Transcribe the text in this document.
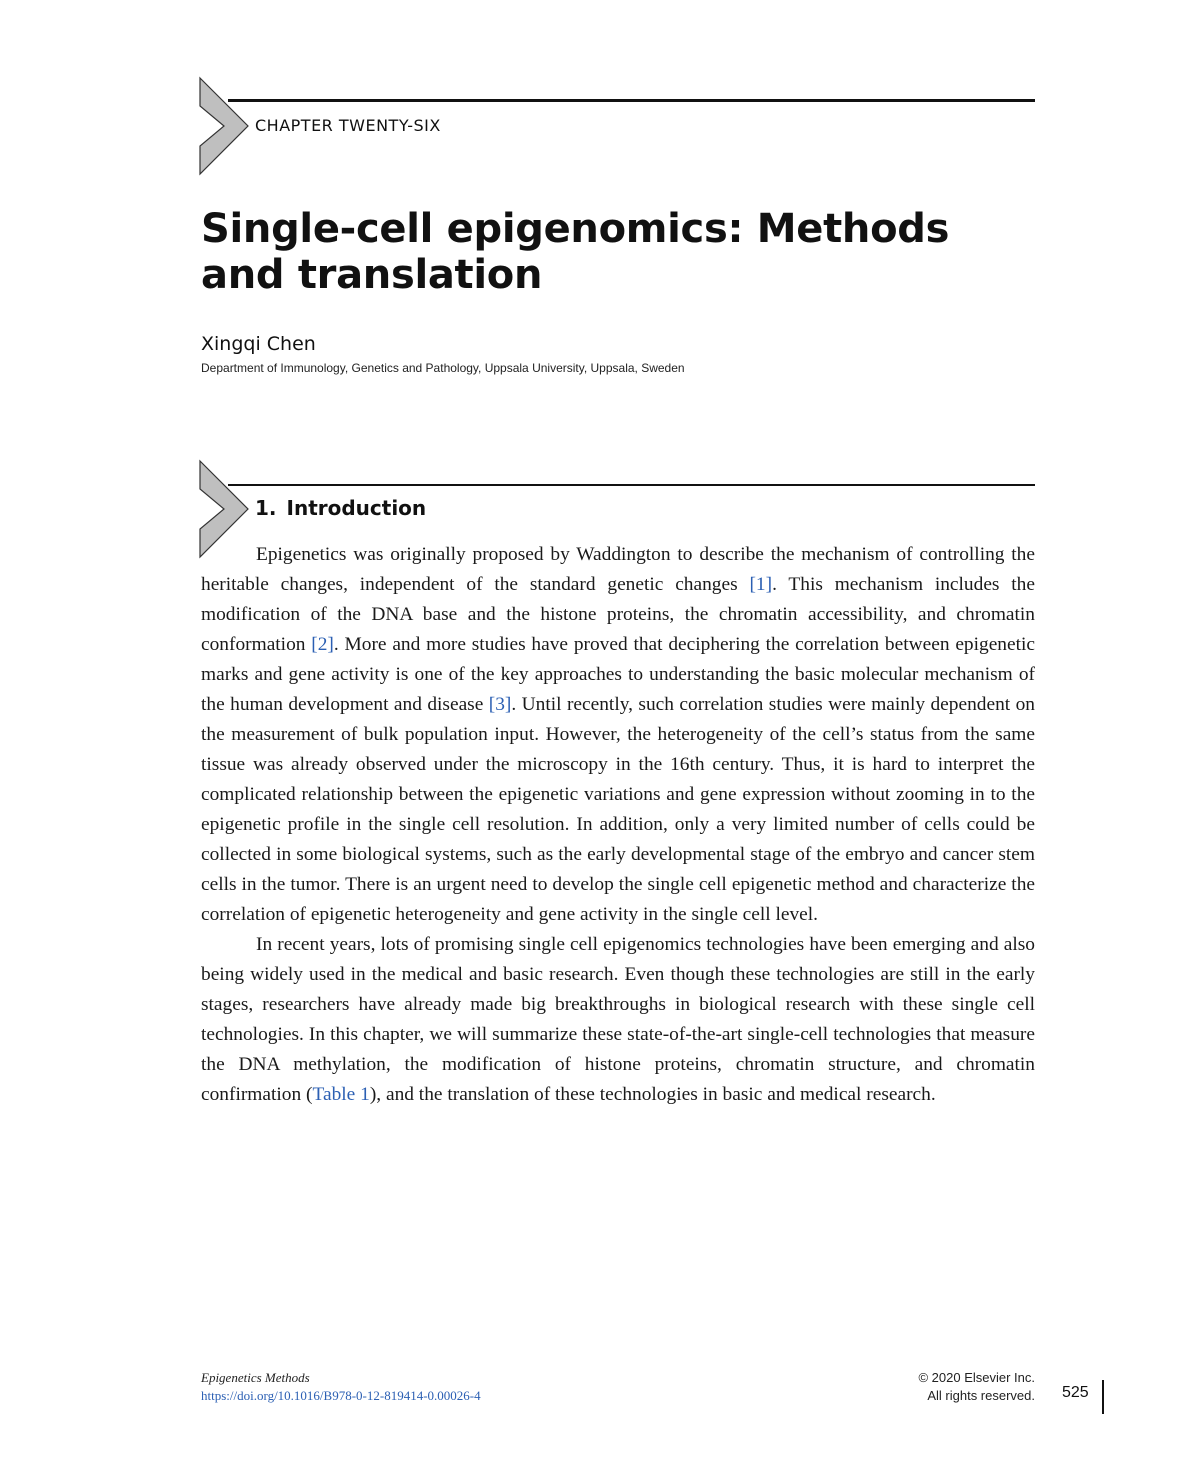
CHAPTER TWENTY-SIX
Single-cell epigenomics: Methods and translation
Xingqi Chen
Department of Immunology, Genetics and Pathology, Uppsala University, Uppsala, Sweden
1. Introduction

Epigenetics was originally proposed by Waddington to describe the mechanism of controlling the heritable changes, independent of the standard genetic changes [1]. This mechanism includes the modification of the DNA base and the histone proteins, the chromatin accessibility, and chromatin conformation [2]. More and more studies have proved that deciphering the correlation between epigenetic marks and gene activity is one of the key approaches to understanding the basic molecular mechanism of the human development and disease [3]. Until recently, such correlation studies were mainly dependent on the measurement of bulk population input. However, the heterogeneity of the cell’s status from the same tissue was already observed under the microscopy in the 16th century. Thus, it is hard to interpret the complicated relationship between the epigenetic variations and gene expression without zooming in to the epigenetic profile in the single cell resolution. In addition, only a very limited number of cells could be collected in some biological systems, such as the early developmental stage of the embryo and cancer stem cells in the tumor. There is an urgent need to develop the single cell epigenetic method and characterize the correlation of epigenetic heterogeneity and gene activity in the single cell level.

In recent years, lots of promising single cell epigenomics technologies have been emerging and also being widely used in the medical and basic research. Even though these technologies are still in the early stages, researchers have already made big breakthroughs in biological research with these single cell technologies. In this chapter, we will summarize these state-of-the-art single-cell technologies that measure the DNA methylation, the modification of histone proteins, chromatin structure, and chromatin confirmation (Table 1), and the translation of these technologies in basic and medical research.

Epigenetics Methods
https://doi.org/10.1016/B978-0-12-819414-0.00026-4
© 2020 Elsevier Inc.
All rights reserved. 525
